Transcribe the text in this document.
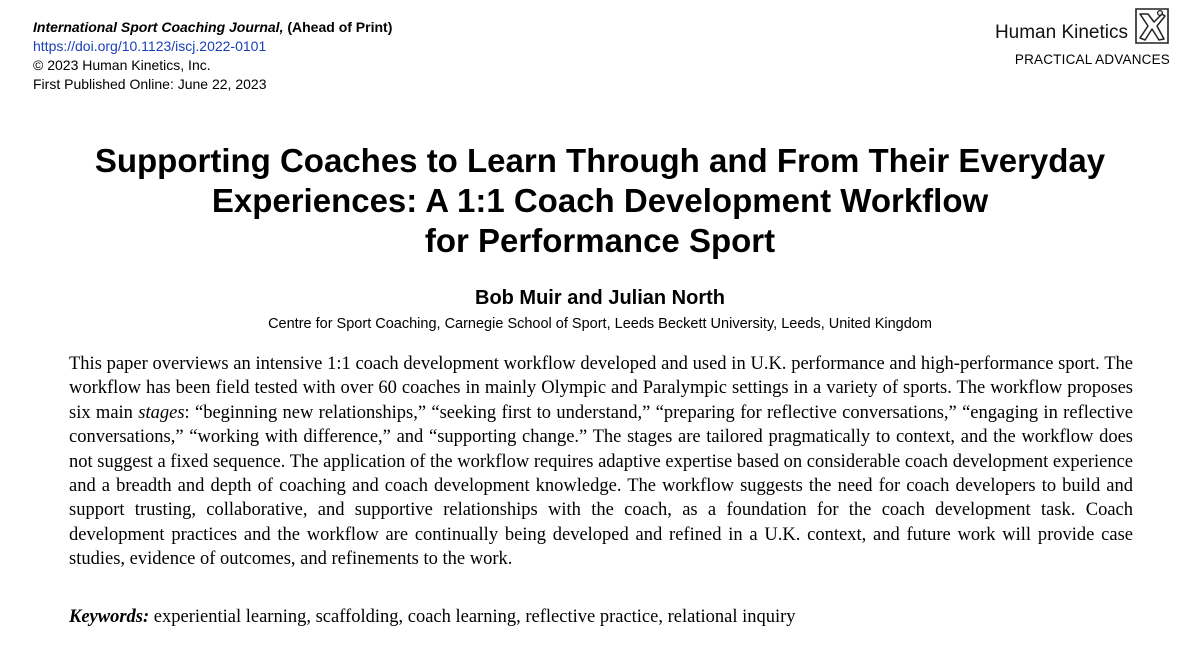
International Sport Coaching Journal, (Ahead of Print)
https://doi.org/10.1123/iscj.2022-0101
© 2023 Human Kinetics, Inc.
First Published Online: June 22, 2023
Human Kinetics
PRACTICAL ADVANCES
Supporting Coaches to Learn Through and From Their Everyday
Experiences: A 1:1 Coach Development Workflow
for Performance Sport
Bob Muir and Julian North
Centre for Sport Coaching, Carnegie School of Sport, Leeds Beckett University, Leeds, United Kingdom

This paper overviews an intensive 1:1 coach development workflow developed and used in U.K. performance and high-performance sport. The workflow has been field tested with over 60 coaches in mainly Olympic and Paralympic settings in a variety of sports. The workflow proposes six main stages: “beginning new relationships,” “seeking first to understand,” “preparing for reflective conversations,” “engaging in reflective conversations,” “working with difference,” and “supporting change.” The stages are tailored pragmatically to context, and the workflow does not suggest a fixed sequence. The application of the workflow requires adaptive expertise based on considerable coach development experience and a breadth and depth of coaching and coach development knowledge. The workflow suggests the need for coach developers to build and support trusting, collaborative, and supportive relationships with the coach, as a foundation for the coach development task. Coach development practices and the workflow are continually being developed and refined in a U.K. context, and future work will provide case studies, evidence of outcomes, and refinements to the work.

Keywords: experiential learning, scaffolding, coach learning, reflective practice, relational inquiry
